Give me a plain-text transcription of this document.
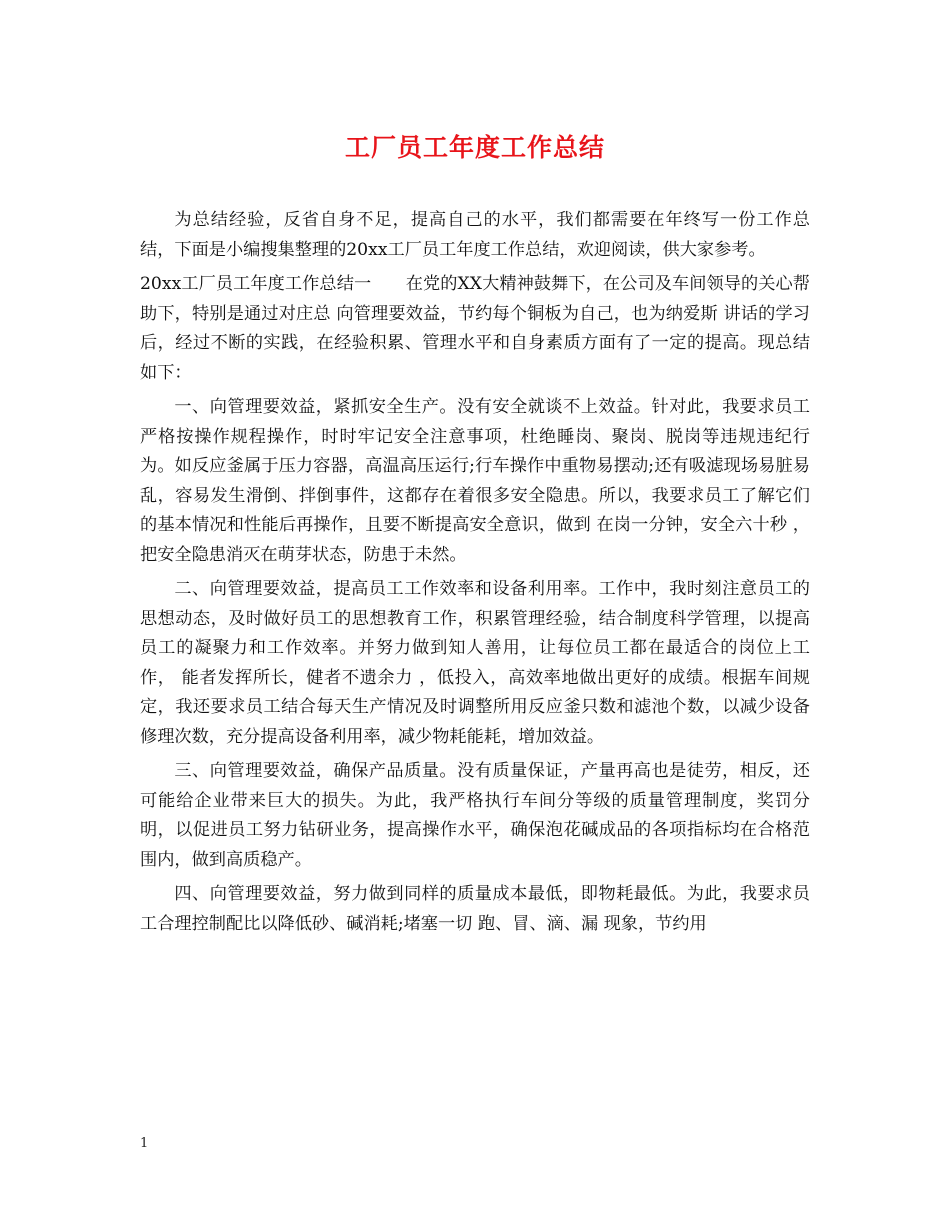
工厂员工年度工作总结

为总结经验，反省自身不足，提高自己的水平，我们都需要在年终写一份工作总结，下面是小编搜集整理的20xx工厂员工年度工作总结，欢迎阅读，供大家参考。

20xx工厂员工年度工作总结一　　在党的XX大精神鼓舞下，在公司及车间领导的关心帮助下，特别是通过对庄总 向管理要效益，节约每个铜板为自己，也为纳爱斯 讲话的学习后，经过不断的实践，在经验积累、管理水平和自身素质方面有了一定的提高。现总结如下：

一、向管理要效益，紧抓安全生产。没有安全就谈不上效益。针对此，我要求员工严格按操作规程操作，时时牢记安全注意事项，杜绝睡岗、聚岗、脱岗等违规违纪行为。如反应釜属于压力容器，高温高压运行;行车操作中重物易摆动;还有吸滤现场易脏易乱，容易发生滑倒、拌倒事件，这都存在着很多安全隐患。所以，我要求员工了解它们的基本情况和性能后再操作，且要不断提高安全意识，做到 在岗一分钟，安全六十秒 ，把安全隐患消灭在萌芽状态，防患于未然。

二、向管理要效益，提高员工工作效率和设备利用率。工作中，我时刻注意员工的思想动态，及时做好员工的思想教育工作，积累管理经验，结合制度科学管理，以提高员工的凝聚力和工作效率。并努力做到知人善用，让每位员工都在最适合的岗位上工作， 能者发挥所长，健者不遗余力 ，低投入，高效率地做出更好的成绩。根据车间规定，我还要求员工结合每天生产情况及时调整所用反应釜只数和滤池个数，以减少设备修理次数，充分提高设备利用率，减少物耗能耗，增加效益。

三、向管理要效益，确保产品质量。没有质量保证，产量再高也是徒劳，相反，还可能给企业带来巨大的损失。为此，我严格执行车间分等级的质量管理制度，奖罚分明，以促进员工努力钻研业务，提高操作水平，确保泡花碱成品的各项指标均在合格范围内，做到高质稳产。

四、向管理要效益，努力做到同样的质量成本最低，即物耗最低。为此，我要求员工合理控制配比以降低砂、碱消耗;堵塞一切 跑、冒、滴、漏 现象，节约用

1
